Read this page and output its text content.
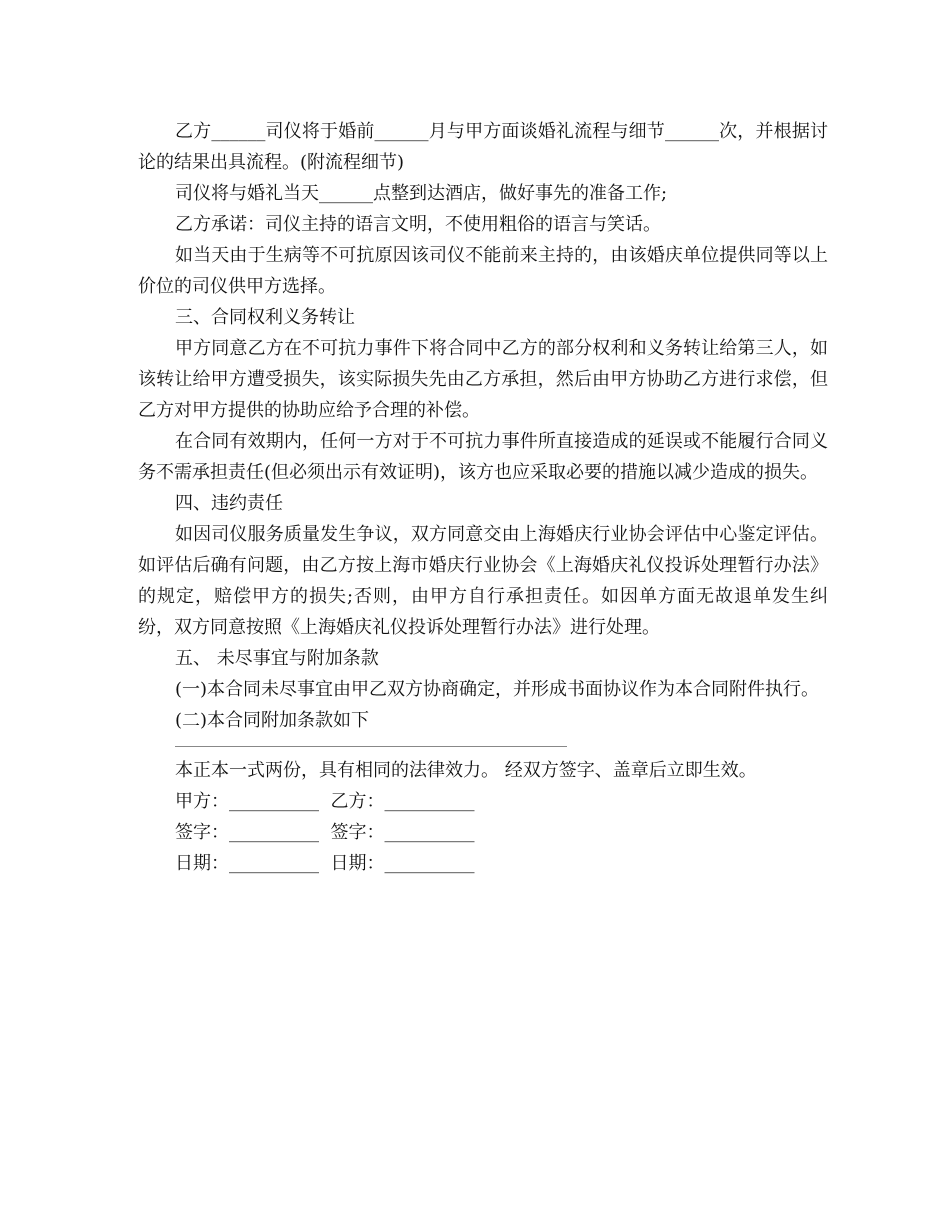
乙方______司仪将于婚前______月与甲方面谈婚礼流程与细节______次，并根据讨论的结果出具流程。(附流程细节)

司仪将与婚礼当天______点整到达酒店，做好事先的准备工作;

乙方承诺：司仪主持的语言文明，不使用粗俗的语言与笑话。

如当天由于生病等不可抗原因该司仪不能前来主持的，由该婚庆单位提供同等以上价位的司仪供甲方选择。

三、合同权利义务转让

甲方同意乙方在不可抗力事件下将合同中乙方的部分权利和义务转让给第三人，如该转让给甲方遭受损失，该实际损失先由乙方承担，然后由甲方协助乙方进行求偿，但乙方对甲方提供的协助应给予合理的补偿。

在合同有效期内，任何一方对于不可抗力事件所直接造成的延误或不能履行合同义务不需承担责任(但必须出示有效证明)，该方也应采取必要的措施以减少造成的损失。

四、违约责任

如因司仪服务质量发生争议，双方同意交由上海婚庆行业协会评估中心鉴定评估。如评估后确有问题，由乙方按上海市婚庆行业协会《上海婚庆礼仪投诉处理暂行办法》的规定，赔偿甲方的损失;否则，由甲方自行承担责任。如因单方面无故退单发生纠纷，双方同意按照《上海婚庆礼仪投诉处理暂行办法》进行处理。

五、 未尽事宜与附加条款

(一)本合同未尽事宜由甲乙双方协商确定，并形成书面协议作为本合同附件执行。

(二)本合同附加条款如下

本正本一式两份，具有相同的法律效力。 经双方签字、盖章后立即生效。

甲方：__________  乙方：__________

签字：__________  签字：__________

日期：__________  日期：__________
